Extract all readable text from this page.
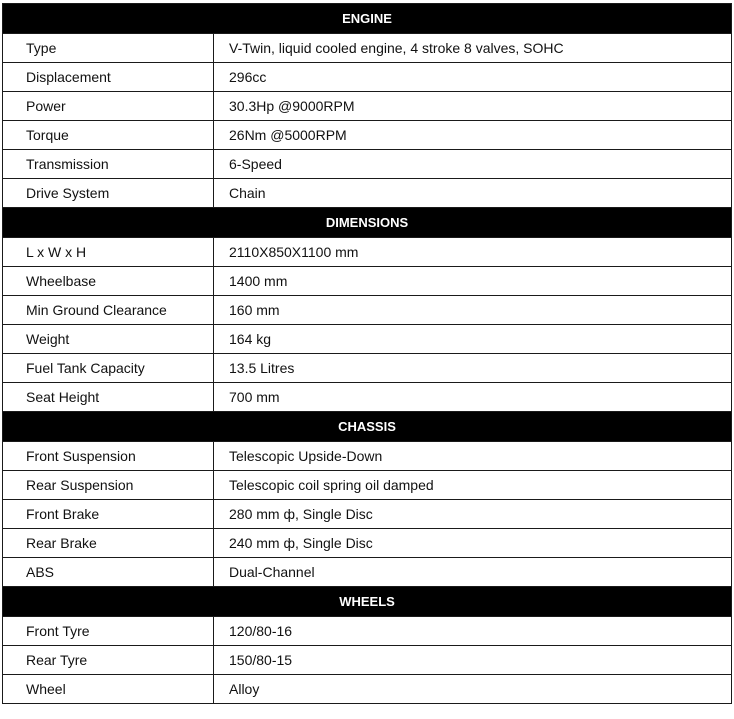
ENGINE	
Type	V-Twin, liquid cooled engine, 4 stroke 8 valves, SOHC
Displacement	296cc
Power	30.3Hp @9000RPM
Torque	26Nm @5000RPM
Transmission	6-Speed
Drive System	Chain
DIMENSIONS	
L x W x H	2110X850X1100 mm
Wheelbase	1400 mm
Min Ground Clearance	160 mm
Weight	164 kg
Fuel Tank Capacity	13.5 Litres
Seat Height	700 mm
CHASSIS	
Front Suspension	Telescopic Upside-Down
Rear Suspension	Telescopic coil spring oil damped
Front Brake	280 mm ф, Single Disc
Rear Brake	240 mm ф, Single Disc
ABS	Dual-Channel
WHEELS	
Front Tyre	120/80-16
Rear Tyre	150/80-15
Wheel	Alloy
